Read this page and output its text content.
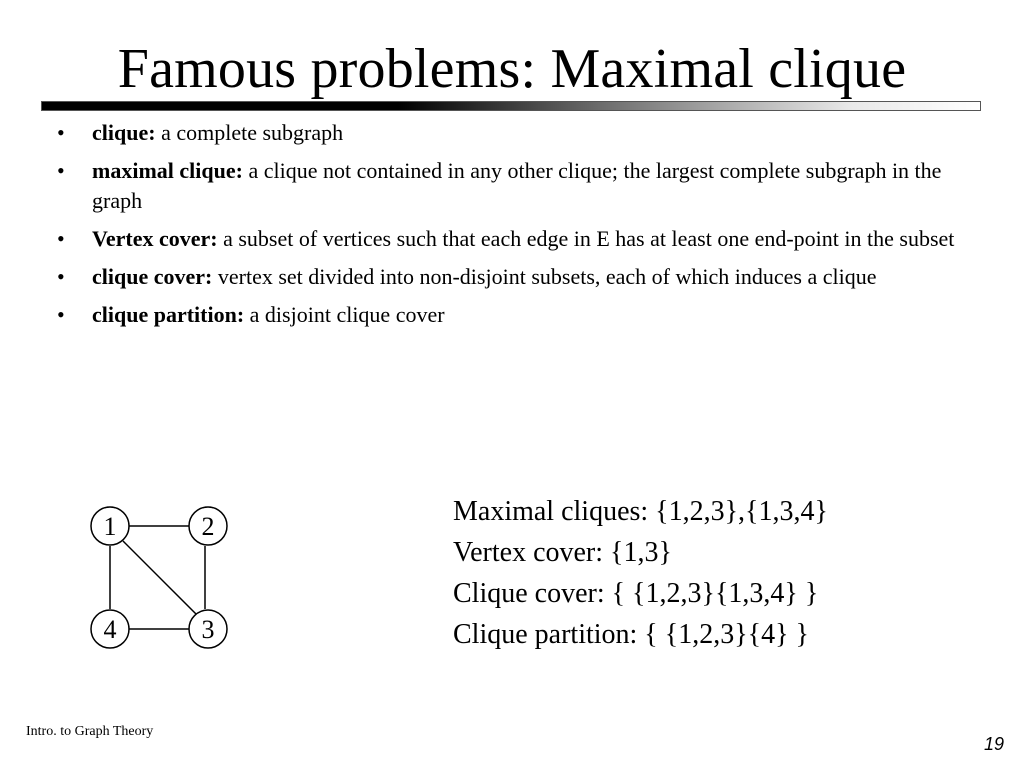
Famous problems: Maximal clique
• clique: a complete subgraph
• maximal clique: a clique not contained in any other clique; the largest complete subgraph in the graph
• Vertex cover: a subset of vertices such that each edge in E has at least one end-point in the subset
• clique cover: vertex set divided into non-disjoint subsets, each of which induces a clique
• clique partition: a disjoint clique cover
1	2
3
4
Maximal cliques: {1,2,3},{1,3,4}
Vertex cover: {1,3}
Clique cover: { {1,2,3}{1,3,4} }
Clique partition: { {1,2,3}{4} }
Intro. to Graph Theory
19
